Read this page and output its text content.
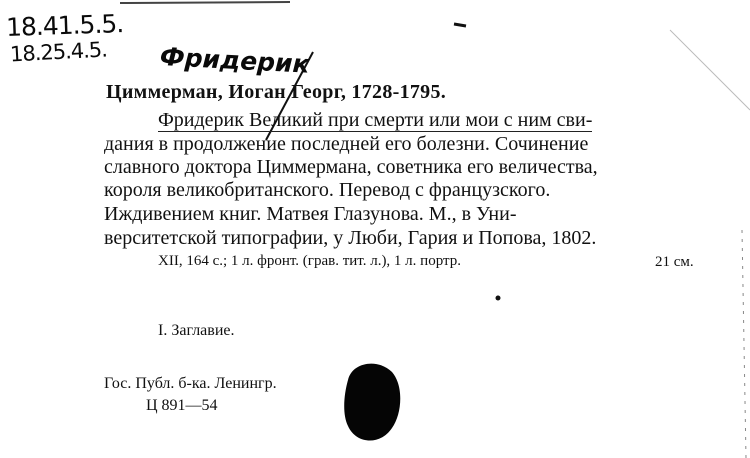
18.41.5.5.
18.25.4.5. Фридерик
Циммерман, Иоган Георг, 1728-1795.
Фридерик Великий при смерти или мои с ним сви-
дания в продолжение последней его болезни. Сочинение
славного доктора Циммермана, советника его величества,
короля великобританского. Перевод с французского.
Иждивением книг. Матвея Глазунова. М., в Уни-
верситетской типографии, у Люби, Гария и Попова, 1802.
XII, 164 с.; 1 л. фронт. (грав. тит. л.), 1 л. портр.	21 см.
I. Заглавие.
Гос. Публ. б-ка. Ленингр.
Ц 891—54
